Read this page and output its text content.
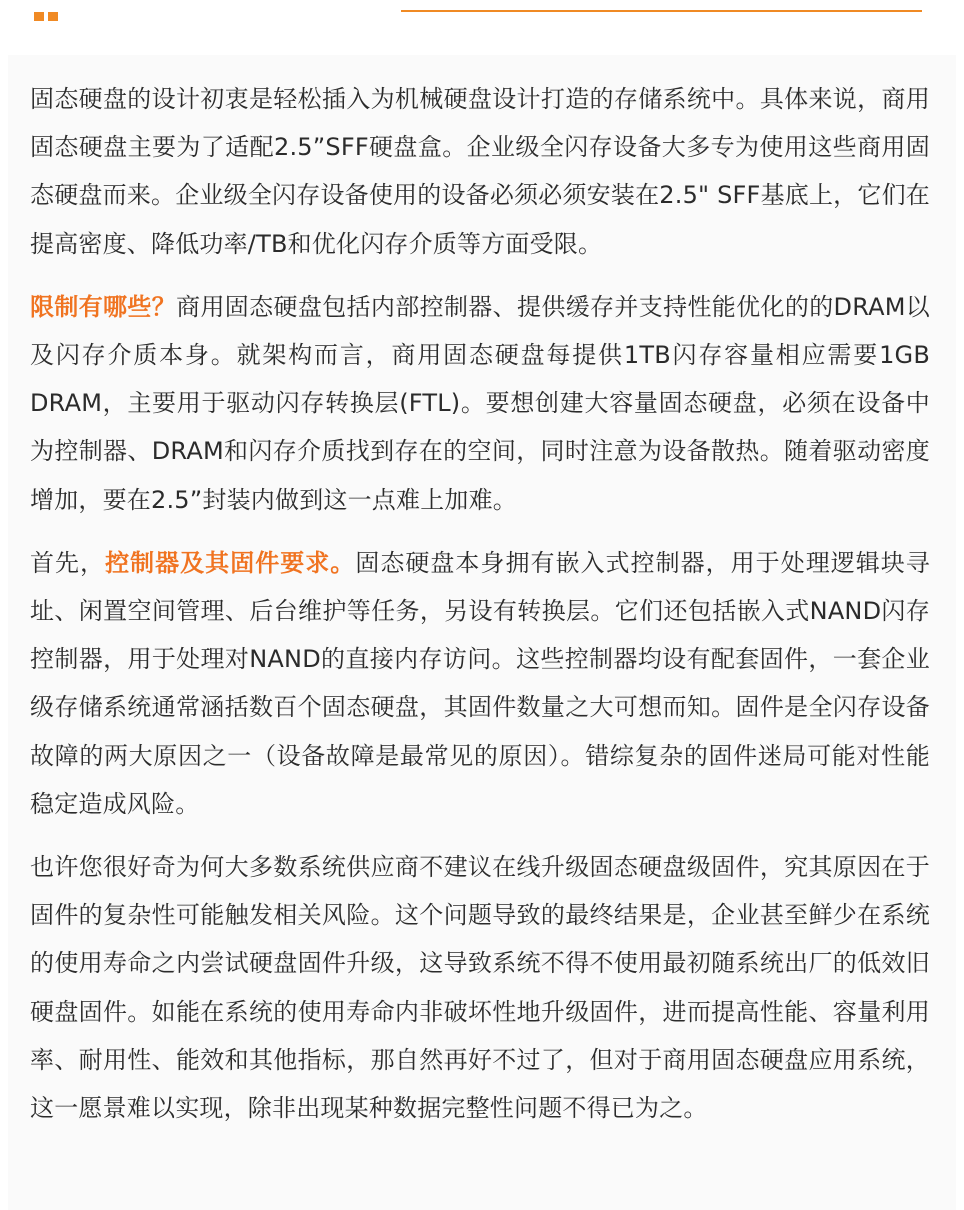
固态硬盘的设计初衷是轻松插入为机械硬盘设计打造的存储系统中。具体来说，商用固态硬盘主要为了适配2.5”SFF硬盘盒。企业级全闪存设备大多专为使用这些商用固态硬盘而来。企业级全闪存设备使用的设备必须必须安装在2.5" SFF基底上，它们在提高密度、降低功率/TB和优化闪存介质等方面受限。

限制有哪些？商用固态硬盘包括内部控制器、提供缓存并支持性能优化的的DRAM以及闪存介质本身。就架构而言，商用固态硬盘每提供1TB闪存容量相应需要1GB DRAM，主要用于驱动闪存转换层(FTL)。要想创建大容量固态硬盘，必须在设备中为控制器、DRAM和闪存介质找到存在的空间，同时注意为设备散热。随着驱动密度增加，要在2.5”封装内做到这一点难上加难。

首先，控制器及其固件要求。固态硬盘本身拥有嵌入式控制器，用于处理逻辑块寻址、闲置空间管理、后台维护等任务，另设有转换层。它们还包括嵌入式NAND闪存控制器，用于处理对NAND的直接内存访问。这些控制器均设有配套固件，一套企业级存储系统通常涵括数百个固态硬盘，其固件数量之大可想而知。固件是全闪存设备故障的两大原因之一（设备故障是最常见的原因）。错综复杂的固件迷局可能对性能稳定造成风险。

也许您很好奇为何大多数系统供应商不建议在线升级固态硬盘级固件，究其原因在于固件的复杂性可能触发相关风险。这个问题导致的最终结果是，企业甚至鲜少在系统的使用寿命之内尝试硬盘固件升级，这导致系统不得不使用最初随系统出厂的低效旧硬盘固件。如能在系统的使用寿命内非破坏性地升级固件，进而提高性能、容量利用率、耐用性、能效和其他指标，那自然再好不过了，但对于商用固态硬盘应用系统，这一愿景难以实现，除非出现某种数据完整性问题不得已为之。
